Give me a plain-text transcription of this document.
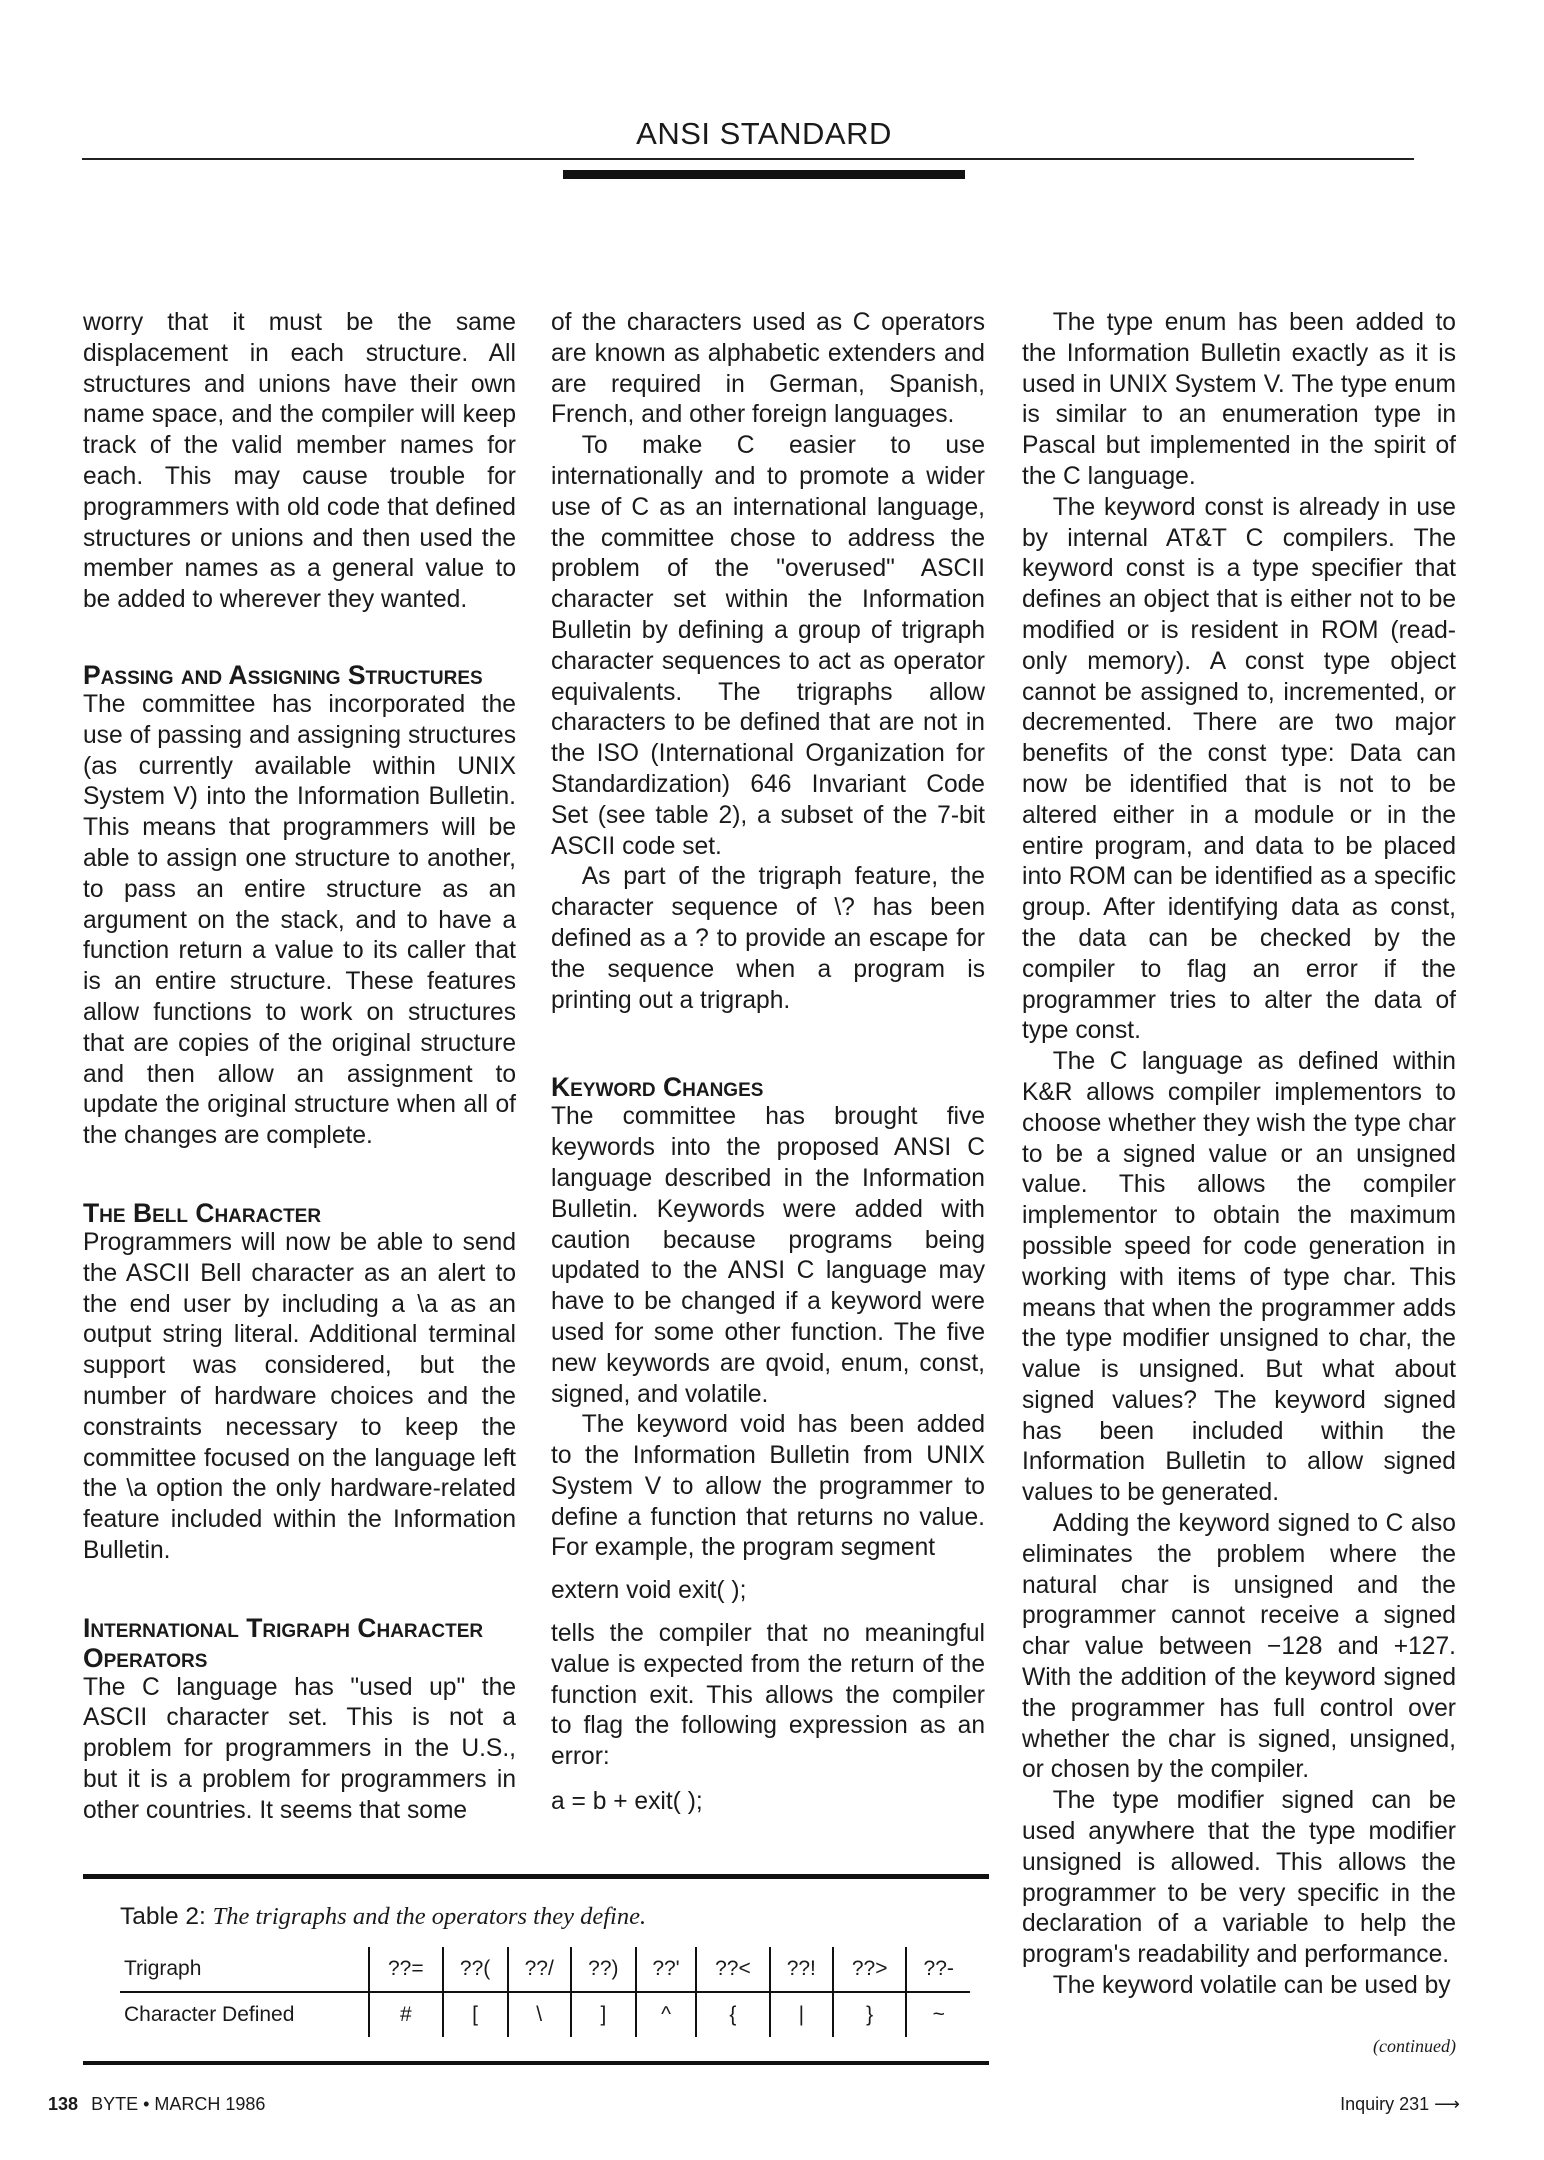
ANSI STANDARD

worry that it must be the same displacement in each structure. All structures and unions have their own name space, and the compiler will keep track of the valid member names for each. This may cause trouble for programmers with old code that defined structures or unions and then used the member names as a general value to be added to wherever they wanted.

Passing and Assigning Structures

The committee has incorporated the use of passing and assigning structures (as currently available within UNIX System V) into the Information Bulletin. This means that programmers will be able to assign one structure to another, to pass an entire structure as an argument on the stack, and to have a function return a value to its caller that is an entire structure. These features allow functions to work on structures that are copies of the original structure and then allow an assignment to update the original structure when all of the changes are complete.

The Bell Character

Programmers will now be able to send the ASCII Bell character as an alert to the end user by including a \a as an output string literal. Additional terminal support was considered, but the number of hardware choices and the constraints necessary to keep the committee focused on the language left the \a option the only hardware-related feature included within the Information Bulletin.

International Trigraph Character Operators

The C language has "used up" the ASCII character set. This is not a problem for programmers in the U.S., but it is a problem for programmers in other countries. It seems that some

of the characters used as C operators are known as alphabetic extenders and are required in German, Spanish, French, and other foreign languages.

To make C easier to use internationally and to promote a wider use of C as an international language, the committee chose to address the problem of the "overused" ASCII character set within the Information Bulletin by defining a group of trigraph character sequences to act as operator equivalents. The trigraphs allow characters to be defined that are not in the ISO (International Organization for Standardization) 646 Invariant Code Set (see table 2), a subset of the 7-bit ASCII code set.

As part of the trigraph feature, the character sequence of \? has been defined as a ? to provide an escape for the sequence when a program is printing out a trigraph.

Keyword Changes

The committee has brought five keywords into the proposed ANSI C language described in the Information Bulletin. Keywords were added with caution because programs being updated to the ANSI C language may have to be changed if a keyword were used for some other function. The five new keywords are qvoid, enum, const, signed, and volatile.

The keyword void has been added to the Information Bulletin from UNIX System V to allow the programmer to define a function that returns no value. For example, the program segment

extern void exit( );

tells the compiler that no meaningful value is expected from the return of the function exit. This allows the compiler to flag the following expression as an error:

a = b + exit( );

The type enum has been added to the Information Bulletin exactly as it is used in UNIX System V. The type enum is similar to an enumeration type in Pascal but implemented in the spirit of the C language.

The keyword const is already in use by internal AT&T C compilers. The keyword const is a type specifier that defines an object that is either not to be modified or is resident in ROM (read-only memory). A const type object cannot be assigned to, incremented, or decremented. There are two major benefits of the const type: Data can now be identified that is not to be altered either in a module or in the entire program, and data to be placed into ROM can be identified as a specific group. After identifying data as const, the data can be checked by the compiler to flag an error if the programmer tries to alter the data of type const.

The C language as defined within K&R allows compiler implementors to choose whether they wish the type char to be a signed value or an unsigned value. This allows the compiler implementor to obtain the maximum possible speed for code generation in working with items of type char. This means that when the programmer adds the type modifier unsigned to char, the value is unsigned. But what about signed values? The keyword signed has been included within the Information Bulletin to allow signed values to be generated.

Adding the keyword signed to C also eliminates the problem where the natural char is unsigned and the programmer cannot receive a signed char value between −128 and +127. With the addition of the keyword signed the programmer has full control over whether the char is signed, unsigned, or chosen by the compiler.

The type modifier signed can be used anywhere that the type modifier unsigned is allowed. This allows the programmer to be very specific in the declaration of a variable to help the program's readability and performance.

The keyword volatile can be used by

(continued)
Table 2: The trigraphs and the operators they define.
Trigraph	??=	??(	??/	??)	??'	??<	??!	??>	??-
Character Defined	#	[	\	]	^	{	|	}	~
138 BYTE • MARCH 1986	Inquiry 231 ⟶
